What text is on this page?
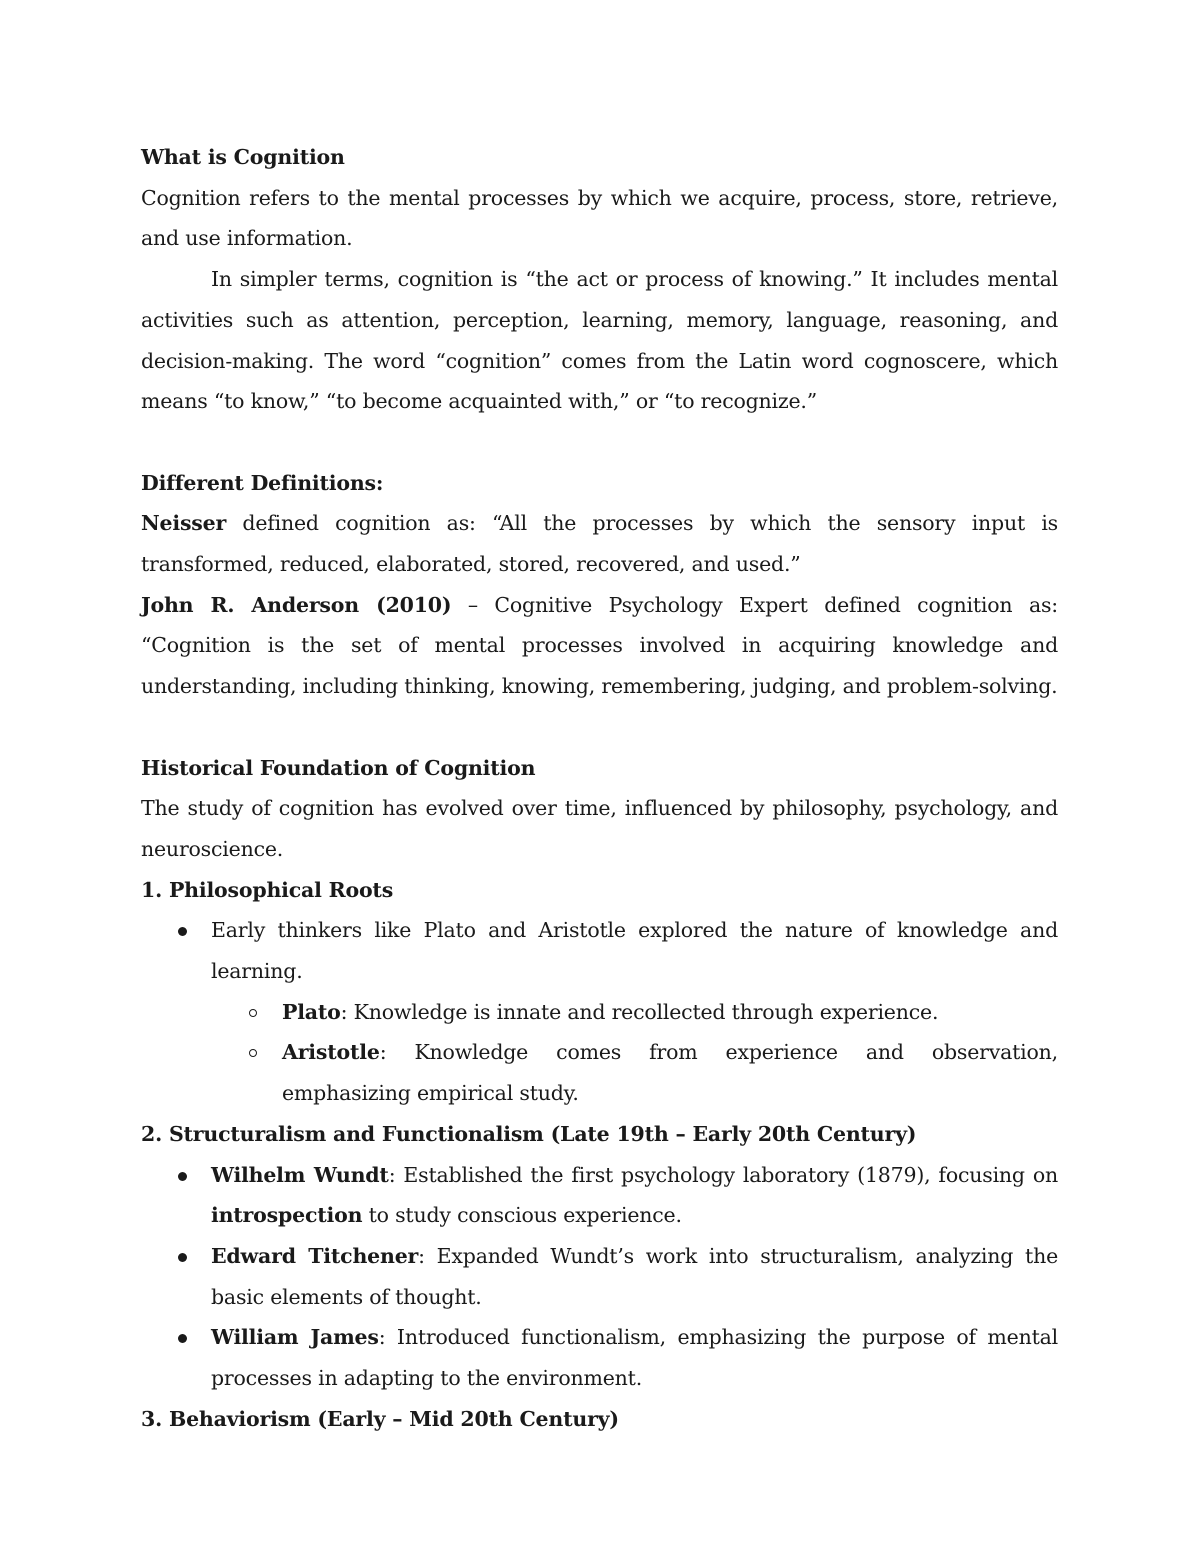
What is Cognition

Cognition refers to the mental processes by which we acquire, process, store, retrieve, and use information.

In simpler terms, cognition is “the act or process of knowing.” It includes mental activities such as attention, perception, learning, memory, language, reasoning, and decision-making. The word “cognition” comes from the Latin word cognoscere, which means “to know,” “to become acquainted with,” or “to recognize.”

Different Definitions:

Neisser defined cognition as: “All the processes by which the sensory input is transformed, reduced, elaborated, stored, recovered, and used.”

John R. Anderson (2010) – Cognitive Psychology Expert defined cognition as: “Cognition is the set of mental processes involved in acquiring knowledge and understanding, including thinking, knowing, remembering, judging, and problem-solving.

Historical Foundation of Cognition

The study of cognition has evolved over time, influenced by philosophy, psychology, and neuroscience.

1. Philosophical Roots

Early thinkers like Plato and Aristotle explored the nature of knowledge and learning.
Plato: Knowledge is innate and recollected through experience.
Aristotle: Knowledge comes from experience and observation, emphasizing empirical study.

2. Structuralism and Functionalism (Late 19th – Early 20th Century)

Wilhelm Wundt: Established the first psychology laboratory (1879), focusing on introspection to study conscious experience.
Edward Titchener: Expanded Wundt’s work into structuralism, analyzing the basic elements of thought.
William James: Introduced functionalism, emphasizing the purpose of mental processes in adapting to the environment.

3. Behaviorism (Early – Mid 20th Century)
